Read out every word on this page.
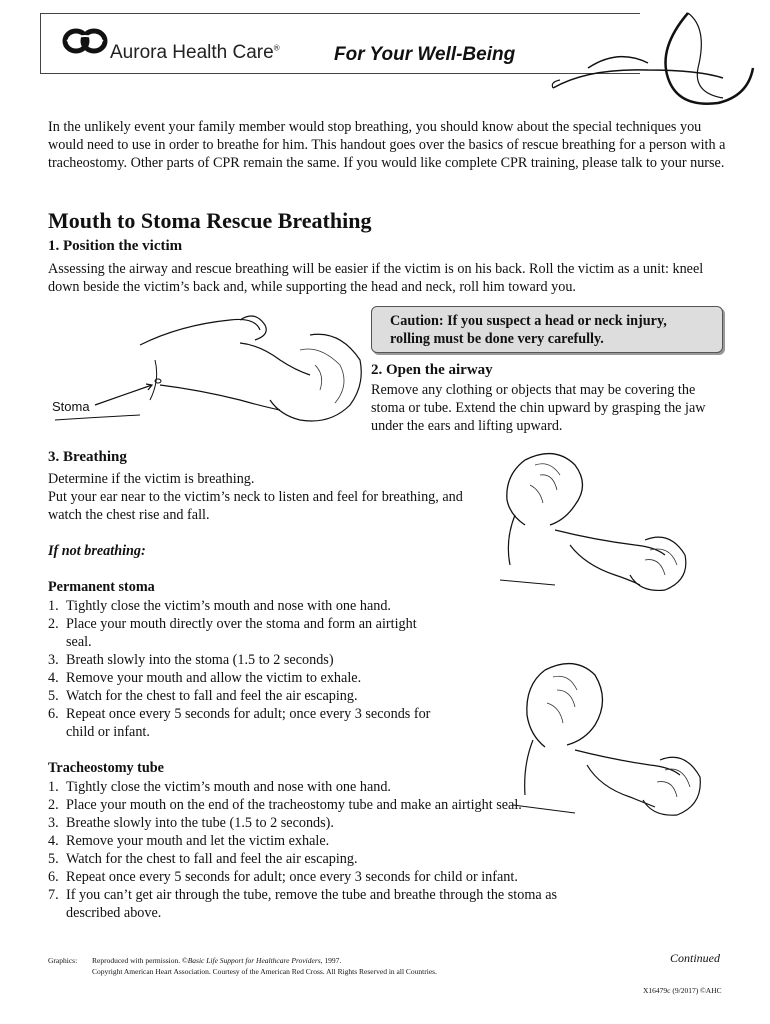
Aurora Health Care®	For Your Well-Being
In the unlikely event your family member would stop breathing, you should know about the special techniques you would need to use in order to breathe for him. This handout goes over the basics of rescue breathing for a person with a tracheostomy. Other parts of CPR remain the same. If you would like complete CPR training, please talk to your nurse.
Mouth to Stoma Rescue Breathing
1. Position the victim
Assessing the airway and rescue breathing will be easier if the victim is on his back. Roll the victim as a unit: kneel down beside the victim’s back and, while supporting the head and neck, roll him toward you.
Stoma
Caution: If you suspect a head or neck injury,
rolling must be done very carefully.
2. Open the airway
Remove any clothing or objects that may be covering the stoma or tube. Extend the chin upward by grasping the jaw under the ears and lifting upward.
3. Breathing
Determine if the victim is breathing.
Put your ear near to the victim’s neck to listen and feel for breathing, and watch the chest rise and fall.
If not breathing:
Permanent stoma
1. Tightly close the victim’s mouth and nose with one hand.
2. Place your mouth directly over the stoma and form an airtight seal.
3. Breath slowly into the stoma (1.5 to 2 seconds)
4. Remove your mouth and allow the victim to exhale.
5. Watch for the chest to fall and feel the air escaping.
6. Repeat once every 5 seconds for adult; once every 3 seconds for child or infant.
Tracheostomy tube
1. Tightly close the victim’s mouth and nose with one hand.
2. Place your mouth on the end of the tracheostomy tube and make an airtight seal.
3. Breathe slowly into the tube (1.5 to 2 seconds).
4. Remove your mouth and let the victim exhale.
5. Watch for the chest to fall and feel the air escaping.
6. Repeat once every 5 seconds for adult; once every 3 seconds for child or infant.
7. If you can’t get air through the tube, remove the tube and breathe through the stoma as described above.
Graphics: Reproduced with permission. ©Basic Life Support for Healthcare Providers, 1997.
Copyright American Heart Association. Courtesy of the American Red Cross. All Rights Reserved in all Countries.
Continued
X16479c (9/2017) ©AHC
